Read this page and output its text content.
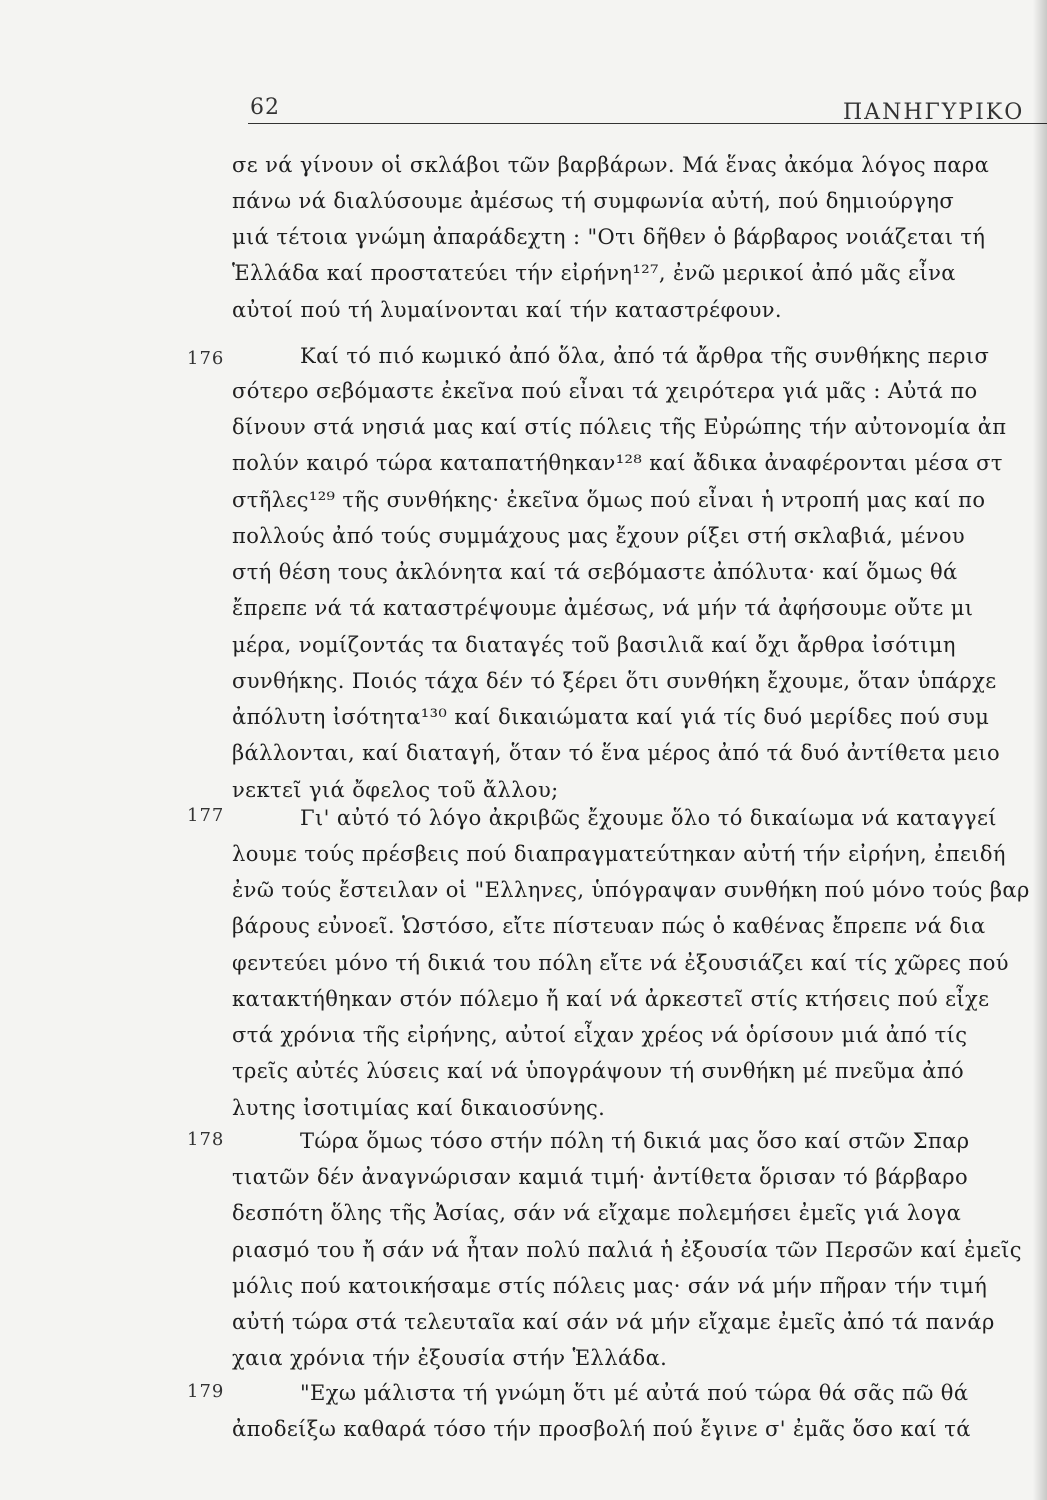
62	ΠΑΝΗΓΥΡΙΚΟ
176
177
178
179
σε νά γίνουν οἱ σκλάβοι τῶν βαρβάρων. Μά ἕνας ἀκόμα λόγος παρα
πάνω νά διαλύσουμε ἀμέσως τή συμφωνία αὐτή, πού δημιούργησ
μιά τέτοια γνώμη ἀπαράδεχτη : "Οτι δῆθεν ὁ βάρβαρος νοιάζεται τή
Ἑλλάδα καί προστατεύει τήν εἰρήνη¹²⁷, ἐνῶ μερικοί ἀπό μᾶς εἶνα
αὐτοί πού τή λυμαίνονται καί τήν καταστρέφουν.
Καί τό πιό κωμικό ἀπό ὅλα, ἀπό τά ἄρθρα τῆς συνθήκης περισ
σότερο σεβόμαστε ἐκεῖνα πού εἶναι τά χειρότερα γιά μᾶς : Αὐτά πο
δίνουν στά νησιά μας καί στίς πόλεις τῆς Εὐρώπης τήν αὐτονομία ἀπ
πολύν καιρό τώρα καταπατήθηκαν¹²⁸ καί ἄδικα ἀναφέρονται μέσα στ
στῆλες¹²⁹ τῆς συνθήκης· ἐκεῖνα ὅμως πού εἶναι ἡ ντροπή μας καί πο
πολλούς ἀπό τούς συμμάχους μας ἔχουν ρίξει στή σκλαβιά, μένου
στή θέση τους ἀκλόνητα καί τά σεβόμαστε ἀπόλυτα· καί ὅμως θά
ἔπρεπε νά τά καταστρέψουμε ἀμέσως, νά μήν τά ἀφήσουμε οὔτε μι
μέρα, νομίζοντάς τα διαταγές τοῦ βασιλιᾶ καί ὄχι ἄρθρα ἰσότιμη
συνθήκης. Ποιός τάχα δέν τό ξέρει ὅτι συνθήκη ἔχουμε, ὅταν ὑπάρχε
ἀπόλυτη ἰσότητα¹³⁰ καί δικαιώματα καί γιά τίς δυό μερίδες πού συμ
βάλλονται, καί διαταγή, ὅταν τό ἕνα μέρος ἀπό τά δυό ἀντίθετα μειο
νεκτεῖ γιά ὄφελος τοῦ ἄλλου;
Γι' αὐτό τό λόγο ἀκριβῶς ἔχουμε ὅλο τό δικαίωμα νά καταγγεί
λουμε τούς πρέσβεις πού διαπραγματεύτηκαν αὐτή τήν εἰρήνη, ἐπειδή
ἐνῶ τούς ἔστειλαν οἱ "Ελληνες, ὑπόγραψαν συνθήκη πού μόνο τούς βαρ
βάρους εὐνοεῖ. Ὡστόσο, εἴτε πίστευαν πώς ὁ καθένας ἔπρεπε νά δια
φεντεύει μόνο τή δικιά του πόλη εἴτε νά ἐξουσιάζει καί τίς χῶρες πού
κατακτήθηκαν στόν πόλεμο ἤ καί νά ἀρκεστεῖ στίς κτήσεις πού εἶχε
στά χρόνια τῆς εἰρήνης, αὐτοί εἶχαν χρέος νά ὁρίσουν μιά ἀπό τίς
τρεῖς αὐτές λύσεις καί νά ὑπογράψουν τή συνθήκη μέ πνεῦμα ἀπό
λυτης ἰσοτιμίας καί δικαιοσύνης.
Τώρα ὅμως τόσο στήν πόλη τή δικιά μας ὅσο καί στῶν Σπαρ
τιατῶν δέν ἀναγνώρισαν καμιά τιμή· ἀντίθετα ὅρισαν τό βάρβαρο
δεσπότη ὅλης τῆς Ἀσίας, σάν νά εἴχαμε πολεμήσει ἐμεῖς γιά λογα
ριασμό του ἤ σάν νά ἦταν πολύ παλιά ἡ ἐξουσία τῶν Περσῶν καί ἐμεῖς
μόλις πού κατοικήσαμε στίς πόλεις μας· σάν νά μήν πῆραν τήν τιμή
αὐτή τώρα στά τελευταῖα καί σάν νά μήν εἴχαμε ἐμεῖς ἀπό τά πανάρ
χαια χρόνια τήν ἐξουσία στήν Ἑλλάδα.
"Εχω μάλιστα τή γνώμη ὅτι μέ αὐτά πού τώρα θά σᾶς πῶ θά
ἀποδείξω καθαρά τόσο τήν προσβολή πού ἔγινε σ' ἐμᾶς ὅσο καί τά
